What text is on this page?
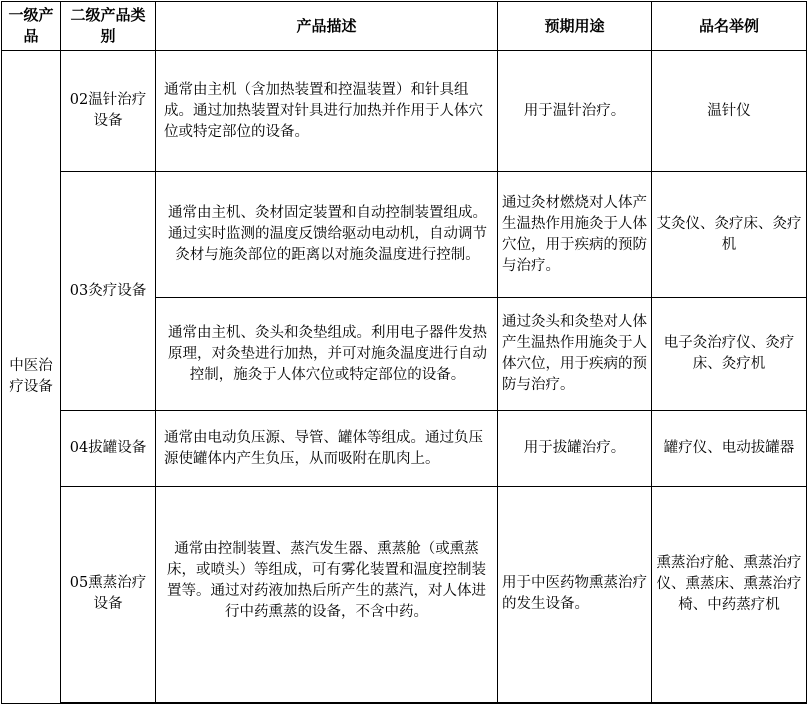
一级产品	二级产品类别	产品描述	预期用途	品名举例

中医治疗设备	02温针治疗设备	通常由主机（含加热装置和控温装置）和针具组成。通过加热装置对针具进行加热并作用于人体穴位或特定部位的设备。	用于温针治疗。	温针仪

	03灸疗设备	通常由主机、灸材固定装置和自动控制装置组成。通过实时监测的温度反馈给驱动电动机，自动调节灸材与施灸部位的距离以对施灸温度进行控制。	通过灸材燃烧对人体产生温热作用施灸于人体穴位，用于疾病的预防与治疗。	艾灸仪、灸疗床、灸疗机

		通常由主机、灸头和灸垫组成。利用电子器件发热原理，对灸垫进行加热，并可对施灸温度进行自动控制，施灸于人体穴位或特定部位的设备。	通过灸头和灸垫对人体产生温热作用施灸于人体穴位，用于疾病的预防与治疗。	电子灸治疗仪、灸疗床、灸疗机

	04拔罐设备	通常由电动负压源、导管、罐体等组成。通过负压源使罐体内产生负压，从而吸附在肌肉上。	用于拔罐治疗。	罐疗仪、电动拔罐器

	05熏蒸治疗设备	通常由控制装置、蒸汽发生器、熏蒸舱（或熏蒸床，或喷头）等组成，可有雾化装置和温度控制装置等。通过对药液加热后所产生的蒸汽，对人体进行中药熏蒸的设备，不含中药。	用于中医药物熏蒸治疗的发生设备。	熏蒸治疗舱、熏蒸治疗仪、熏蒸床、熏蒸治疗椅、中药蒸疗机
